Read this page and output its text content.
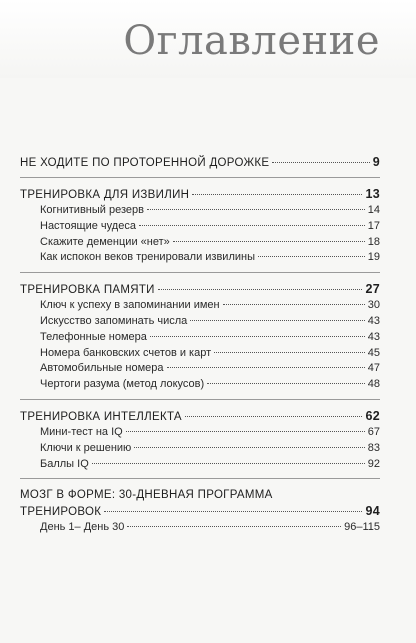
Оглавление
НЕ ХОДИТЕ ПО ПРОТОРЕННОЙ ДОРОЖКЕ	9
ТРЕНИРОВКА ДЛЯ ИЗВИЛИН	13
Когнитивный резерв	14
Настоящие чудеса	17
Скажите деменции «нет»	18
Как испокон веков тренировали извилины	19
ТРЕНИРОВКА ПАМЯТИ	27
Ключ к успеху в запоминании имен	30
Искусство запоминать числа	43
Телефонные номера	43
Номера банковских счетов и карт	45
Автомобильные номера	47
Чертоги разума (метод локусов)	48
ТРЕНИРОВКА ИНТЕЛЛЕКТА	62
Мини-тест на IQ	67
Ключи к решению	83
Баллы IQ	92
МОЗГ В ФОРМЕ: 30-ДНЕВНАЯ ПРОГРАММА
ТРЕНИРОВОК	94
День 1– День 30	96–115
